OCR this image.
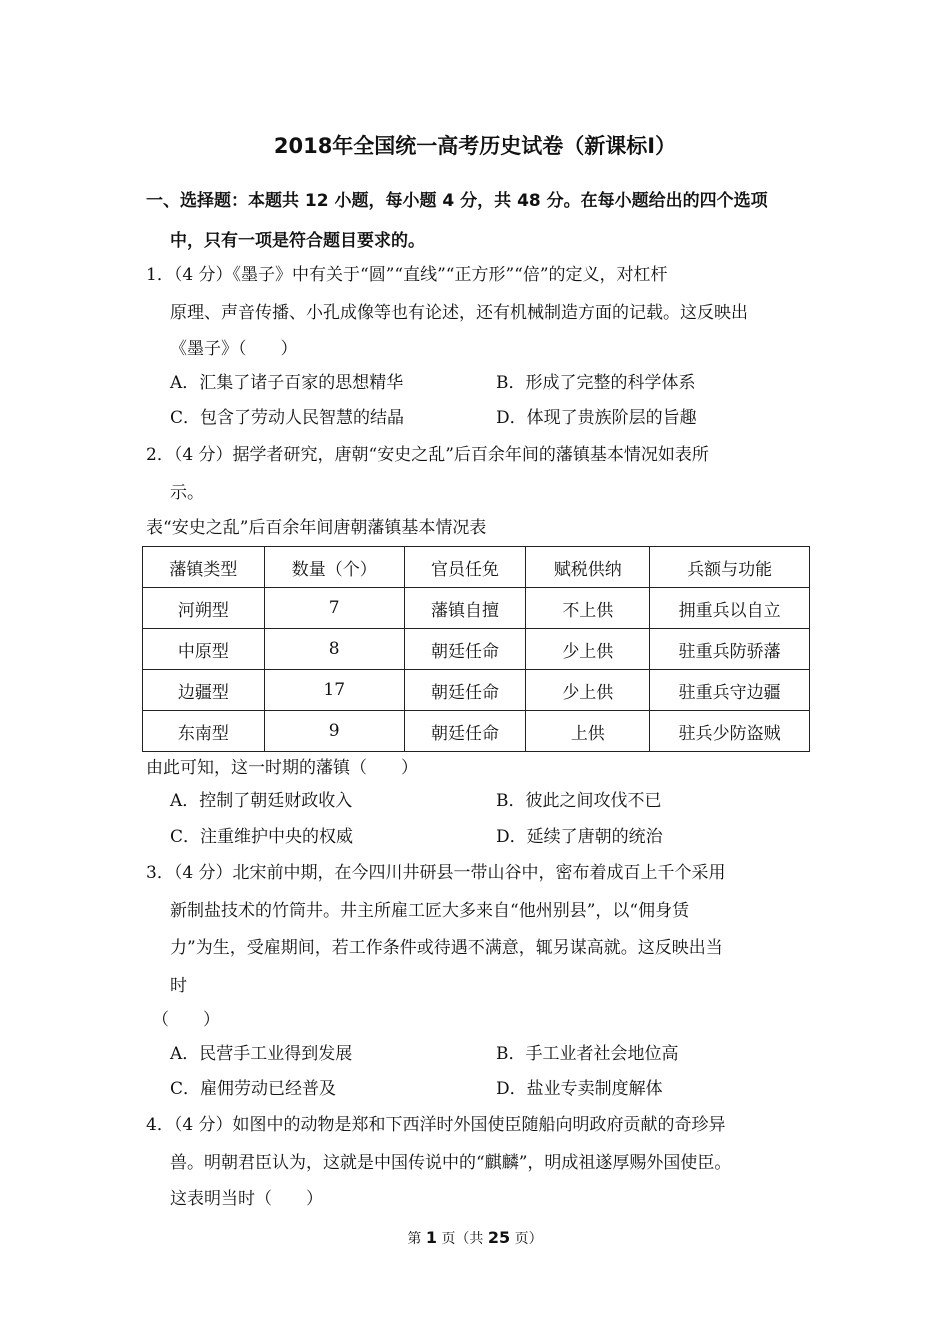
2018年全国统一高考历史试卷（新课标Ⅰ）
一、选择题：本题共 12 小题，每小题 4 分，共 48 分。在每小题给出的四个选项
中，只有一项是符合题目要求的。
1．（4 分）《墨子》中有关于“圆”“直线”“正方形”“倍”的定义，对杠杆
原理、声音传播、小孔成像等也有论述，还有机械制造方面的记载。这反映出
《墨子》（　　）
A．汇集了诸子百家的思想精华	B．形成了完整的科学体系
C．包含了劳动人民智慧的结晶	D．体现了贵族阶层的旨趣
2．（4 分）据学者研究，唐朝“安史之乱”后百余年间的藩镇基本情况如表所
示。
表“安史之乱”后百余年间唐朝藩镇基本情况表
藩镇类型	数量（个）	官员任免	赋税供纳	兵额与功能
河朔型	7	藩镇自擅	不上供	拥重兵以自立
中原型	8	朝廷任命	少上供	驻重兵防骄藩
边疆型	17	朝廷任命	少上供	驻重兵守边疆
东南型	9	朝廷任命	上供	驻兵少防盗贼
由此可知，这一时期的藩镇（　　）
A．控制了朝廷财政收入	B．彼此之间攻伐不已
C．注重维护中央的权威	D．延续了唐朝的统治
3．（4 分）北宋前中期，在今四川井研县一带山谷中，密布着成百上千个采用
新制盐技术的竹筒井。井主所雇工匠大多来自“他州别县”，以“佣身赁
力”为生，受雇期间，若工作条件或待遇不满意，辄另谋高就。这反映出当
时
（　　）
A．民营手工业得到发展	B．手工业者社会地位高
C．雇佣劳动已经普及	D．盐业专卖制度解体
4．（4 分）如图中的动物是郑和下西洋时外国使臣随船向明政府贡献的奇珍异
兽。明朝君臣认为，这就是中国传说中的“麒麟”，明成祖遂厚赐外国使臣。
这表明当时（　　）
第 1 页（共 25 页）
